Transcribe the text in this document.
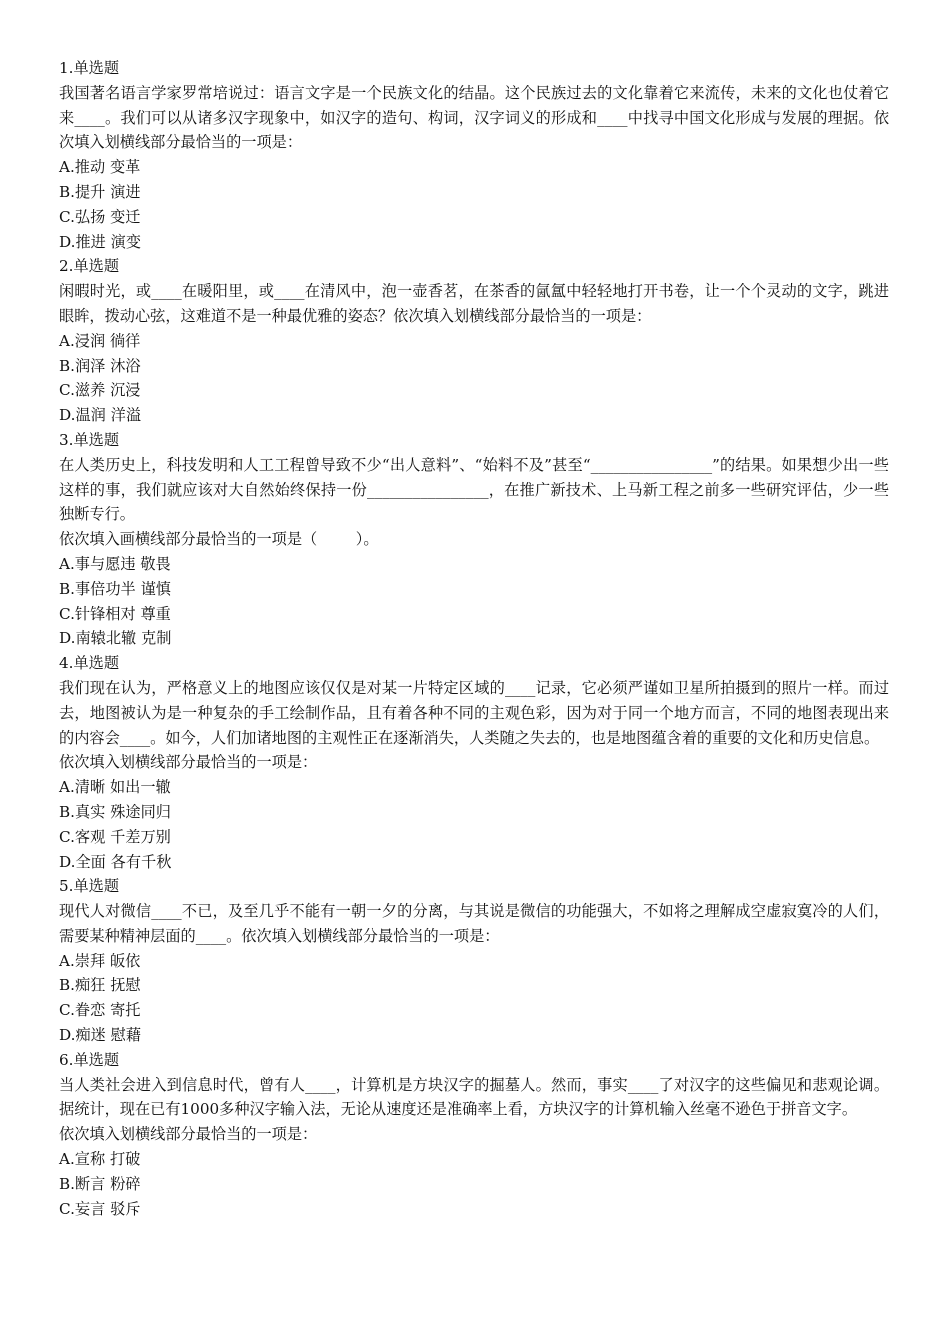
1.单选题
我国著名语言学家罗常培说过：语言文字是一个民族文化的结晶。这个民族过去的文化靠着它来流传，未来的文化也仗着它来____。我们可以从诸多汉字现象中，如汉字的造句、构词，汉字词义的形成和____中找寻中国文化形成与发展的理据。依次填入划横线部分最恰当的一项是：
A.推动 变革
B.提升 演进
C.弘扬 变迁
D.推进 演变
2.单选题
闲暇时光，或____在暖阳里，或____在清风中，泡一壶香茗，在茶香的氤氲中轻轻地打开书卷，让一个个灵动的文字，跳进眼眸，拨动心弦，这难道不是一种最优雅的姿态？依次填入划横线部分最恰当的一项是：
A.浸润 徜徉
B.润泽 沐浴
C.滋养 沉浸
D.温润 洋溢
3.单选题
在人类历史上，科技发明和人工工程曾导致不少“出人意料”、“始料不及”甚至“________________”的结果。如果想少出一些这样的事，我们就应该对大自然始终保持一份________________，在推广新技术、上马新工程之前多一些研究评估，少一些独断专行。
依次填入画横线部分最恰当的一项是（        ）。
A.事与愿违 敬畏
B.事倍功半 谨慎
C.针锋相对 尊重
D.南辕北辙 克制
4.单选题
我们现在认为，严格意义上的地图应该仅仅是对某一片特定区域的____记录，它必须严谨如卫星所拍摄到的照片一样。而过去，地图被认为是一种复杂的手工绘制作品，且有着各种不同的主观色彩，因为对于同一个地方而言，不同的地图表现出来的内容会____。如今，人们加诸地图的主观性正在逐渐消失，人类随之失去的，也是地图蕴含着的重要的文化和历史信息。
依次填入划横线部分最恰当的一项是：
A.清晰 如出一辙
B.真实 殊途同归
C.客观 千差万别
D.全面 各有千秋
5.单选题
现代人对微信____不已，及至几乎不能有一朝一夕的分离，与其说是微信的功能强大，不如将之理解成空虚寂寞冷的人们，需要某种精神层面的____。依次填入划横线部分最恰当的一项是：
A.崇拜 皈依
B.痴狂 抚慰
C.眷恋 寄托
D.痴迷 慰藉
6.单选题
当人类社会进入到信息时代，曾有人____，计算机是方块汉字的掘墓人。然而，事实____了对汉字的这些偏见和悲观论调。据统计，现在已有1000多种汉字输入法，无论从速度还是准确率上看，方块汉字的计算机输入丝毫不逊色于拼音文字。
依次填入划横线部分最恰当的一项是：
A.宣称 打破
B.断言 粉碎
C.妄言 驳斥
